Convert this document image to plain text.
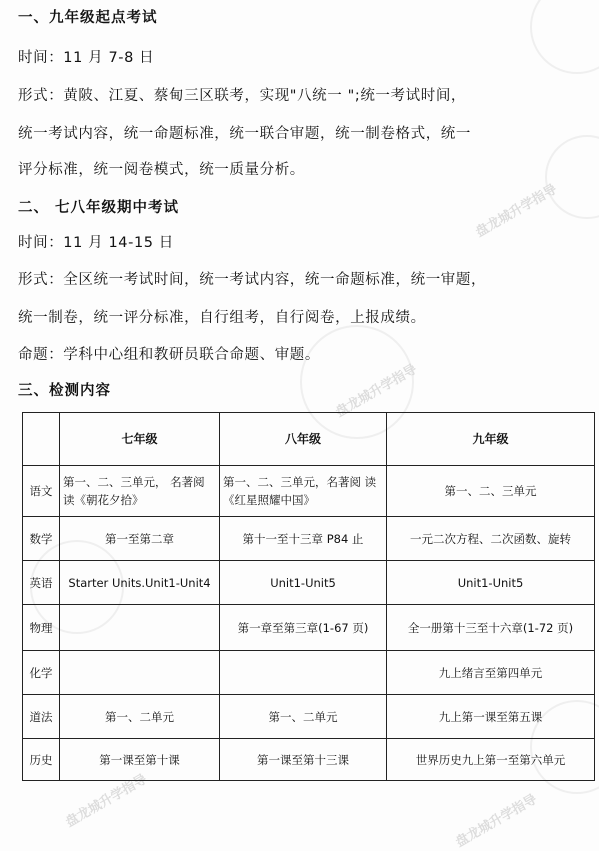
盘龙城升学指导
盘龙城升学指导
盘龙城升学指导	盘龙城升学指导
一、九年级起点考试
时间：11 月 7-8 日
形式：黄陂、江夏、蔡甸三区联考，实现"八统一 ";统一考试时间，
统一考试内容，统一命题标准，统一联合审题，统一制卷格式，统一
评分标准，统一阅卷模式，统一质量分析。
二、 七八年级期中考试
时间：11 月 14-15 日
形式：全区统一考试时间，统一考试内容，统一命题标准，统一审题，
统一制卷，统一评分标准，自行组考，自行阅卷，上报成绩。
命题：学科中心组和教研员联合命题、审题。
三、检测内容
	七年级	八年级	九年级
语文	第一、二、三单元， 名著阅读《朝花夕拾》	第一、二、三单元，名著阅 读《红星照耀中国》	第一、二、三单元
数学	第一至第二章	第十一至十三章 P84 止	一元二次方程、二次函数、旋转
英语	Starter Units.Unit1-Unit4	Unit1-Unit5	Unit1-Unit5
物理		第一章至第三章(1-67 页)	全一册第十三至十六章(1-72 页)
化学			九上绪言至第四单元
道法	第一、二单元	第一、二单元	九上第一课至第五课
历史	第一课至第十课	第一课至第十三课	世界历史九上第一至第六单元
